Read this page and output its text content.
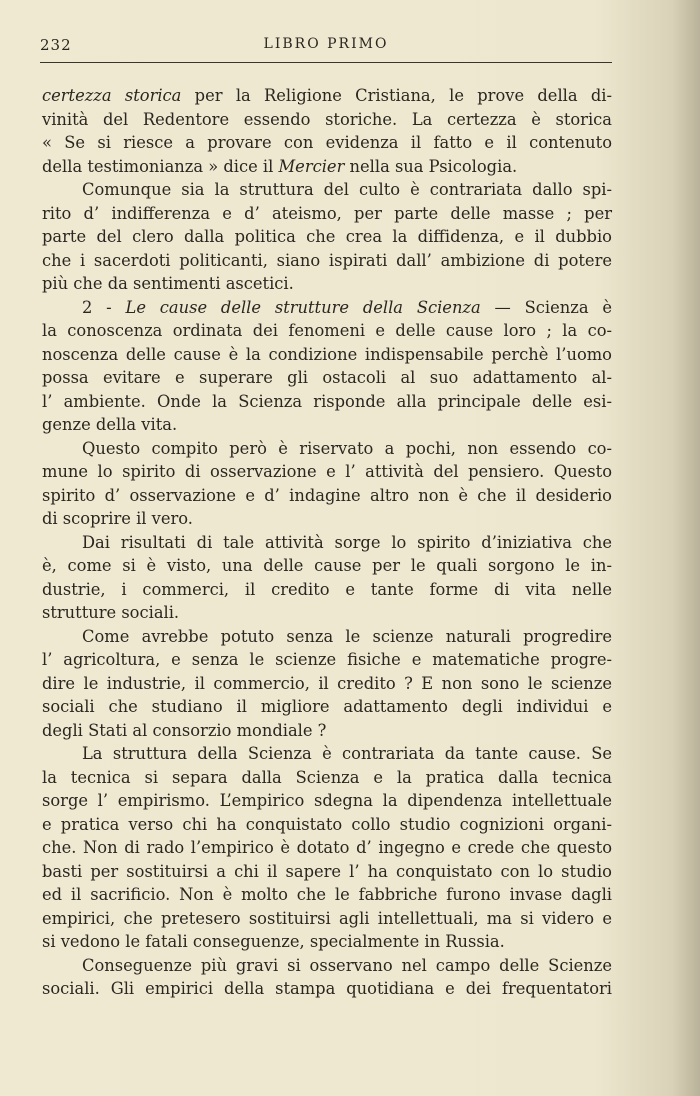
232	LIBRO PRIMO
certezza storica per la Religione Cristiana, le prove della di-
vinità del Redentore essendo storiche. La certezza è storica
« Se si riesce a provare con evidenza il fatto e il contenuto
della testimonianza » dice il Mercier nella sua Psicologia.
Comunque sia la struttura del culto è contrariata dallo spi-
rito d’ indifferenza e d’ ateismo, per parte delle masse ; per
parte del clero dalla politica che crea la diffidenza, e il dubbio
che i sacerdoti politicanti, siano ispirati dall’ ambizione di potere
più che da sentimenti ascetici.
2 - Le cause delle strutture della Scienza — Scienza è
la conoscenza ordinata dei fenomeni e delle cause loro ; la co-
noscenza delle cause è la condizione indispensabile perchè l’uomo
possa evitare e superare gli ostacoli al suo adattamento al-
l’ ambiente. Onde la Scienza risponde alla principale delle esi-
genze della vita.
Questo compito però è riservato a pochi, non essendo co-
mune lo spirito di osservazione e l’ attività del pensiero. Questo
spirito d’ osservazione e d’ indagine altro non è che il desiderio
di scoprire il vero.
Dai risultati di tale attività sorge lo spirito d’iniziativa che
è, come si è visto, una delle cause per le quali sorgono le in-
dustrie, i commerci, il credito e tante forme di vita nelle
strutture sociali.
Come avrebbe potuto senza le scienze naturali progredire
l’ agricoltura, e senza le scienze fisiche e matematiche progre-
dire le industrie, il commercio, il credito ? E non sono le scienze
sociali che studiano il migliore adattamento degli individui e
degli Stati al consorzio mondiale ?
La struttura della Scienza è contrariata da tante cause. Se
la tecnica si separa dalla Scienza e la pratica dalla tecnica
sorge l’ empirismo. L’empirico sdegna la dipendenza intellettuale
e pratica verso chi ha conquistato collo studio cognizioni organi-
che. Non di rado l’empirico è dotato d’ ingegno e crede che questo
basti per sostituirsi a chi il sapere l’ ha conquistato con lo studio
ed il sacrificio. Non è molto che le fabbriche furono invase dagli
empirici, che pretesero sostituirsi agli intellettuali, ma si videro e
si vedono le fatali conseguenze, specialmente in Russia.
Conseguenze più gravi si osservano nel campo delle Scienze
sociali. Gli empirici della stampa quotidiana e dei frequentatori
